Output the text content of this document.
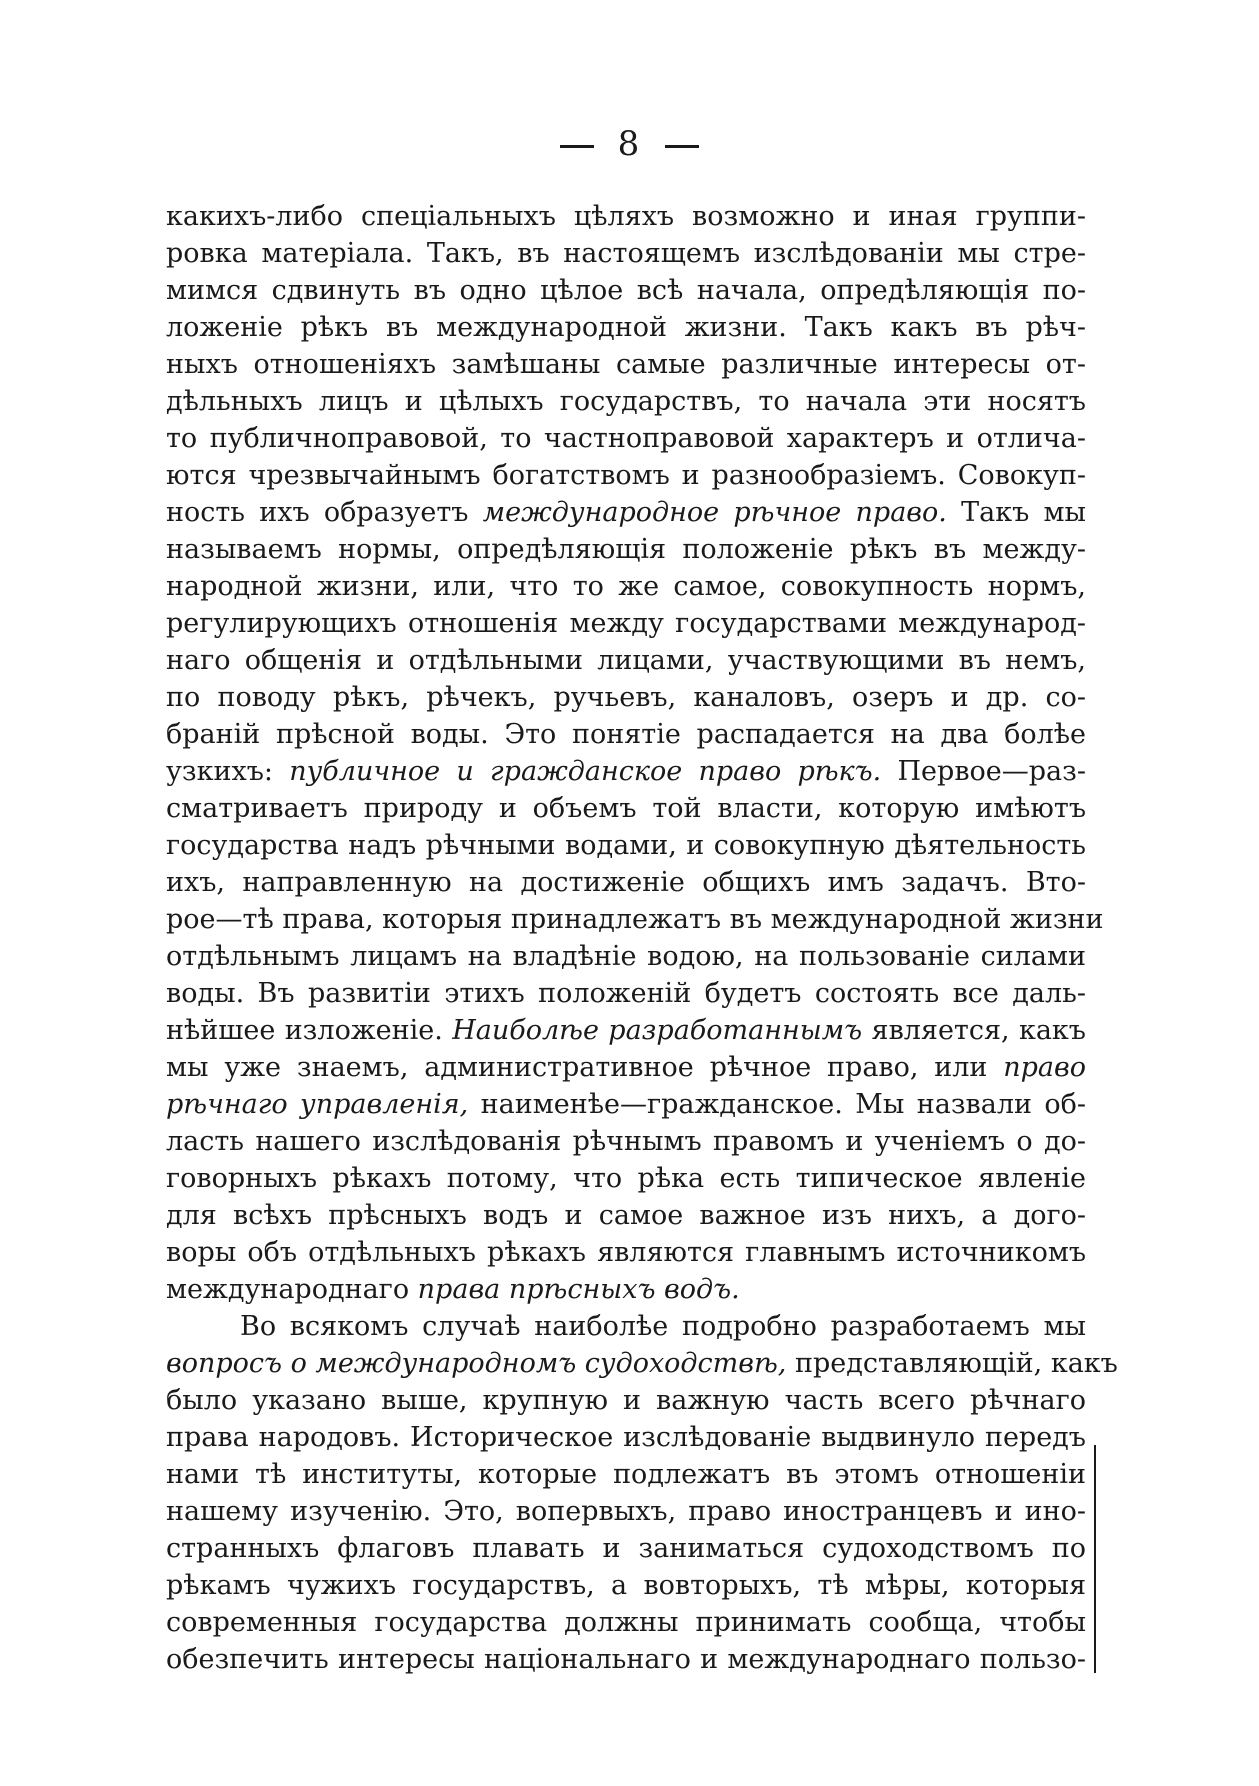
8
какихъ-либо спеціальныхъ цѣляхъ возможно и иная группи-
ровка матеріала. Такъ, въ настоящемъ изслѣдованіи мы стре-
мимся сдвинуть въ одно цѣлое всѣ начала, опредѣляющія по-
ложеніе рѣкъ въ международной жизни. Такъ какъ въ рѣч-
ныхъ отношеніяхъ замѣшаны самые различные интересы от-
дѣльныхъ лицъ и цѣлыхъ государствъ, то начала эти носятъ
то публичноправовой, то частноправовой характеръ и отлича-
ются чрезвычайнымъ богатствомъ и разнообразіемъ. Совокуп-
ность ихъ образуетъ международное рѣчное право. Такъ мы
называемъ нормы, опредѣляющія положеніе рѣкъ въ между-
народной жизни, или, что то же самое, совокупность нормъ,
регулирующихъ отношенія между государствами международ-
наго общенія и отдѣльными лицами, участвующими въ немъ,
по поводу рѣкъ, рѣчекъ, ручьевъ, каналовъ, озеръ и др. со-
браній прѣсной воды. Это понятіе распадается на два болѣе
узкихъ: публичное и гражданское право рѣкъ. Первое—раз-
сматриваетъ природу и объемъ той власти, которую имѣютъ
государства надъ рѣчными водами, и совокупную дѣятельность
ихъ, направленную на достиженіе общихъ имъ задачъ. Вто-
рое—тѣ права, которыя принадлежатъ въ международной жизни
отдѣльнымъ лицамъ на владѣніе водою, на пользованіе силами
воды. Въ развитіи этихъ положеній будетъ состоять все даль-
нѣйшее изложеніе. Наиболѣе разработаннымъ является, какъ
мы уже знаемъ, административное рѣчное право, или право
рѣчнаго управленія, наименѣе—гражданское. Мы назвали об-
ласть нашего изслѣдованія рѣчнымъ правомъ и ученіемъ о до-
говорныхъ рѣкахъ потому, что рѣка есть типическое явленіе
для всѣхъ прѣсныхъ водъ и самое важное изъ нихъ, а дого-
воры объ отдѣльныхъ рѣкахъ являются главнымъ источникомъ
международнаго права прѣсныхъ водъ.
Во всякомъ случаѣ наиболѣе подробно разработаемъ мы
вопросъ о международномъ судоходствѣ, представляющій, какъ
было указано выше, крупную и важную часть всего рѣчнаго
права народовъ. Историческое изслѣдованіе выдвинуло передъ
нами тѣ институты, которые подлежатъ въ этомъ отношеніи
нашему изученію. Это, вопервыхъ, право иностранцевъ и ино-
странныхъ флаговъ плавать и заниматься судоходствомъ по
рѣкамъ чужихъ государствъ, а вовторыхъ, тѣ мѣры, которыя
современныя государства должны принимать сообща, чтобы
обезпечить интересы національнаго и международнаго пользо-
